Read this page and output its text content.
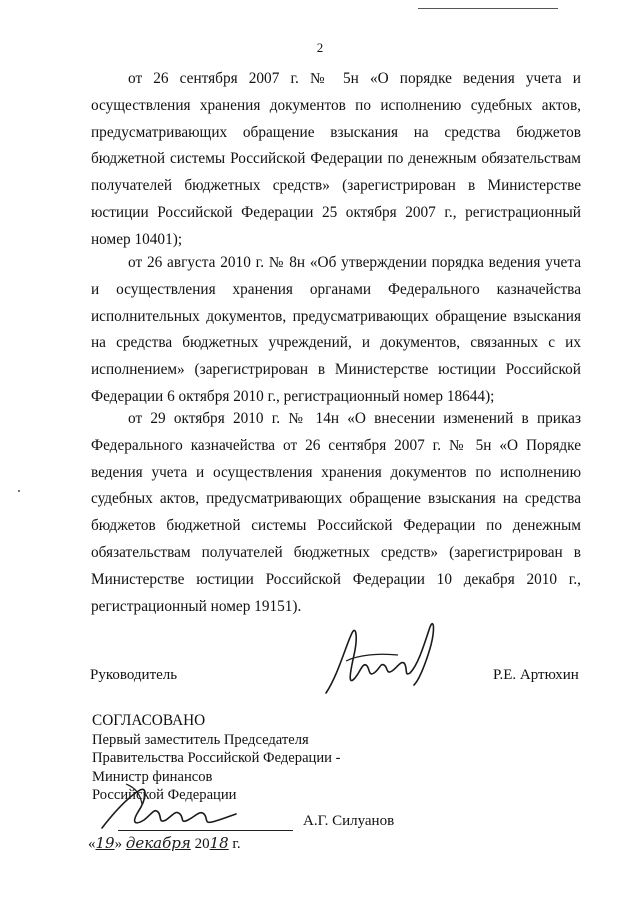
2

от 26 сентября 2007 г. № 5н «О порядке ведения учета и осуществления хранения документов по исполнению судебных актов, предусматривающих обращение взыскания на средства бюджетов бюджетной системы Российской Федерации по денежным обязательствам получателей бюджетных средств» (зарегистрирован в Министерстве юстиции Российской Федерации 25 октября 2007 г., регистрационный номер 10401);

от 26 августа 2010 г. № 8н «Об утверждении порядка ведения учета и осуществления хранения органами Федерального казначейства исполнительных документов, предусматривающих обращение взыскания на средства бюджетных учреждений, и документов, связанных с их исполнением» (зарегистрирован в Министерстве юстиции Российской Федерации 6 октября 2010 г., регистрационный номер 18644);

от 29 октября 2010 г. № 14н «О внесении изменений в приказ Федерального казначейства от 26 сентября 2007 г. № 5н «О Порядке ведения учета и осуществления хранения документов по исполнению судебных актов, предусматривающих обращение взыскания на средства бюджетов бюджетной системы Российской Федерации по денежным обязательствам получателей бюджетных средств» (зарегистрирован в Министерстве юстиции Российской Федерации 10 декабря 2010 г., регистрационный номер 19151).

Руководитель	Р.Е. Артюхин
СОГЛАСОВАНО
Первый заместитель Председателя
Правительства Российской Федерации -
Министр финансов
Российской Федерации
А.Г. Силуанов
«19» декабря 2018 г.
